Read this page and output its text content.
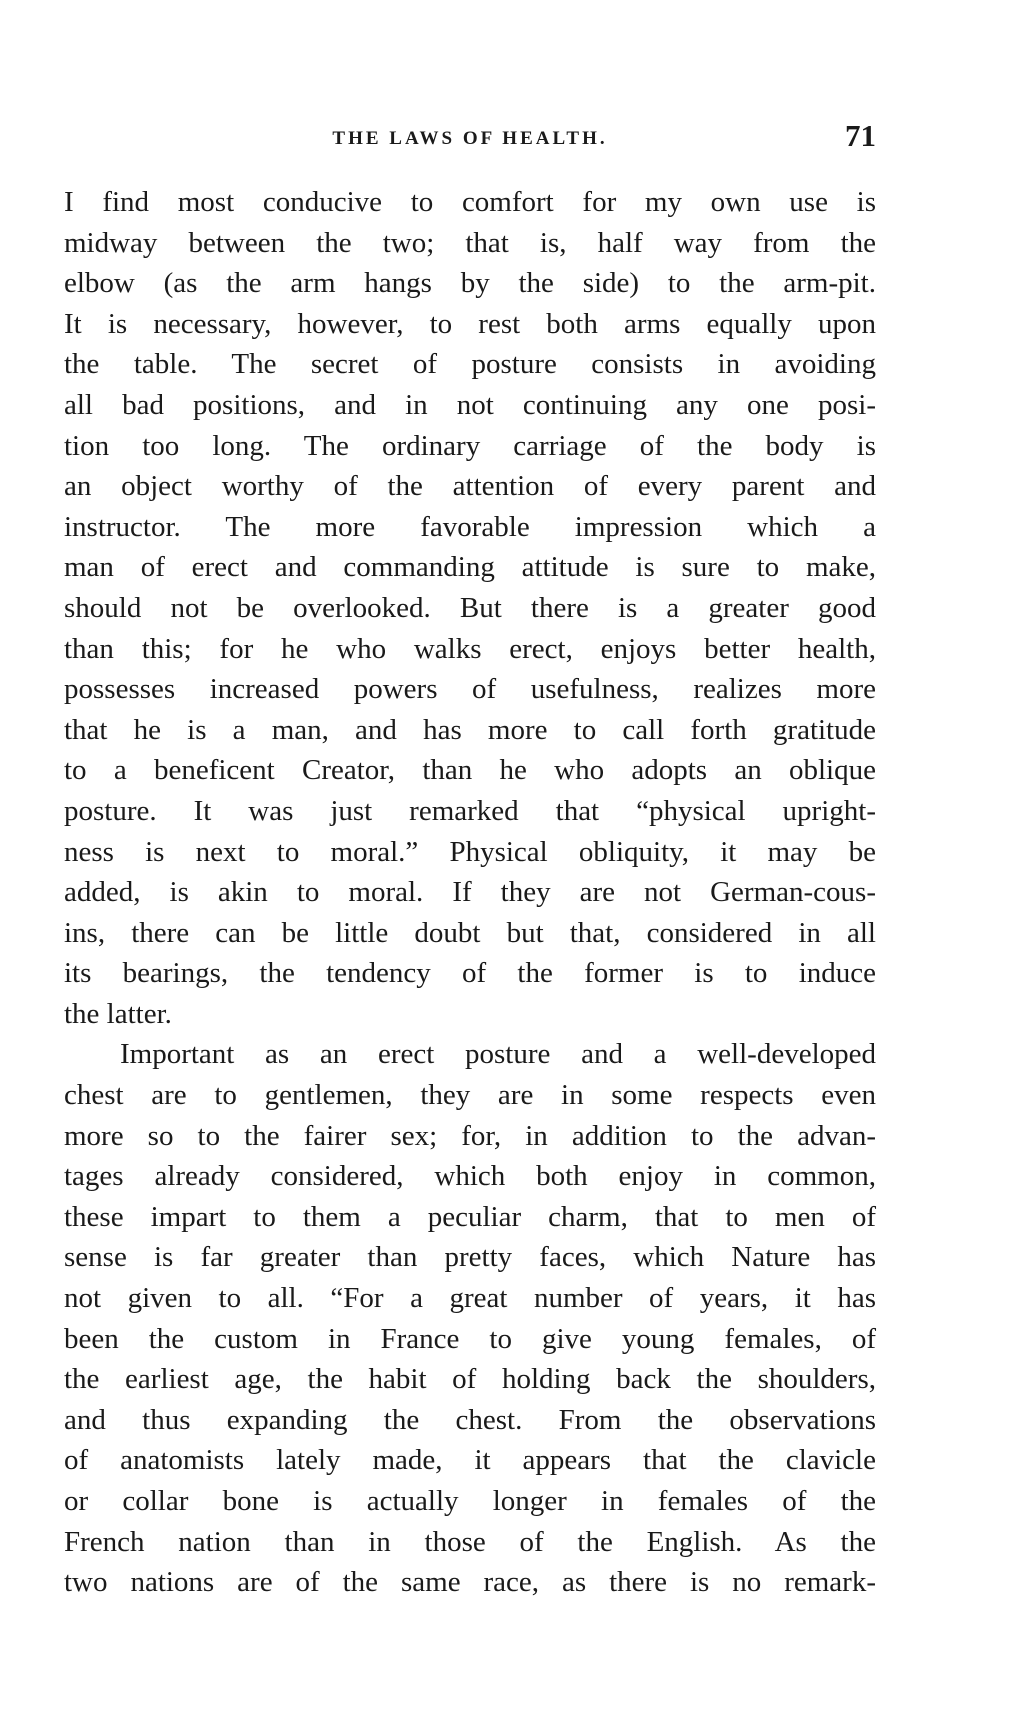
THE LAWS OF HEALTH.	71
I find most conducive to comfort for my own use is
midway between the two; that is, half way from the
elbow (as the arm hangs by the side) to the arm-pit.
It is necessary, however, to rest both arms equally upon
the table. The secret of posture consists in avoiding
all bad positions, and in not continuing any one posi-
tion too long. The ordinary carriage of the body is
an object worthy of the attention of every parent and
instructor. The more favorable impression which a
man of erect and commanding attitude is sure to make,
should not be overlooked. But there is a greater good
than this; for he who walks erect, enjoys better health,
possesses increased powers of usefulness, realizes more
that he is a man, and has more to call forth gratitude
to a beneficent Creator, than he who adopts an oblique
posture. It was just remarked that “physical upright-
ness is next to moral.” Physical obliquity, it may be
added, is akin to moral. If they are not German-cous-
ins, there can be little doubt but that, considered in all
its bearings, the tendency of the former is to induce
the latter.
Important as an erect posture and a well-developed
chest are to gentlemen, they are in some respects even
more so to the fairer sex; for, in addition to the advan-
tages already considered, which both enjoy in common,
these impart to them a peculiar charm, that to men of
sense is far greater than pretty faces, which Nature has
not given to all. “For a great number of years, it has
been the custom in France to give young females, of
the earliest age, the habit of holding back the shoulders,
and thus expanding the chest. From the observations
of anatomists lately made, it appears that the clavicle
or collar bone is actually longer in females of the
French nation than in those of the English. As the
two nations are of the same race, as there is no remark-
